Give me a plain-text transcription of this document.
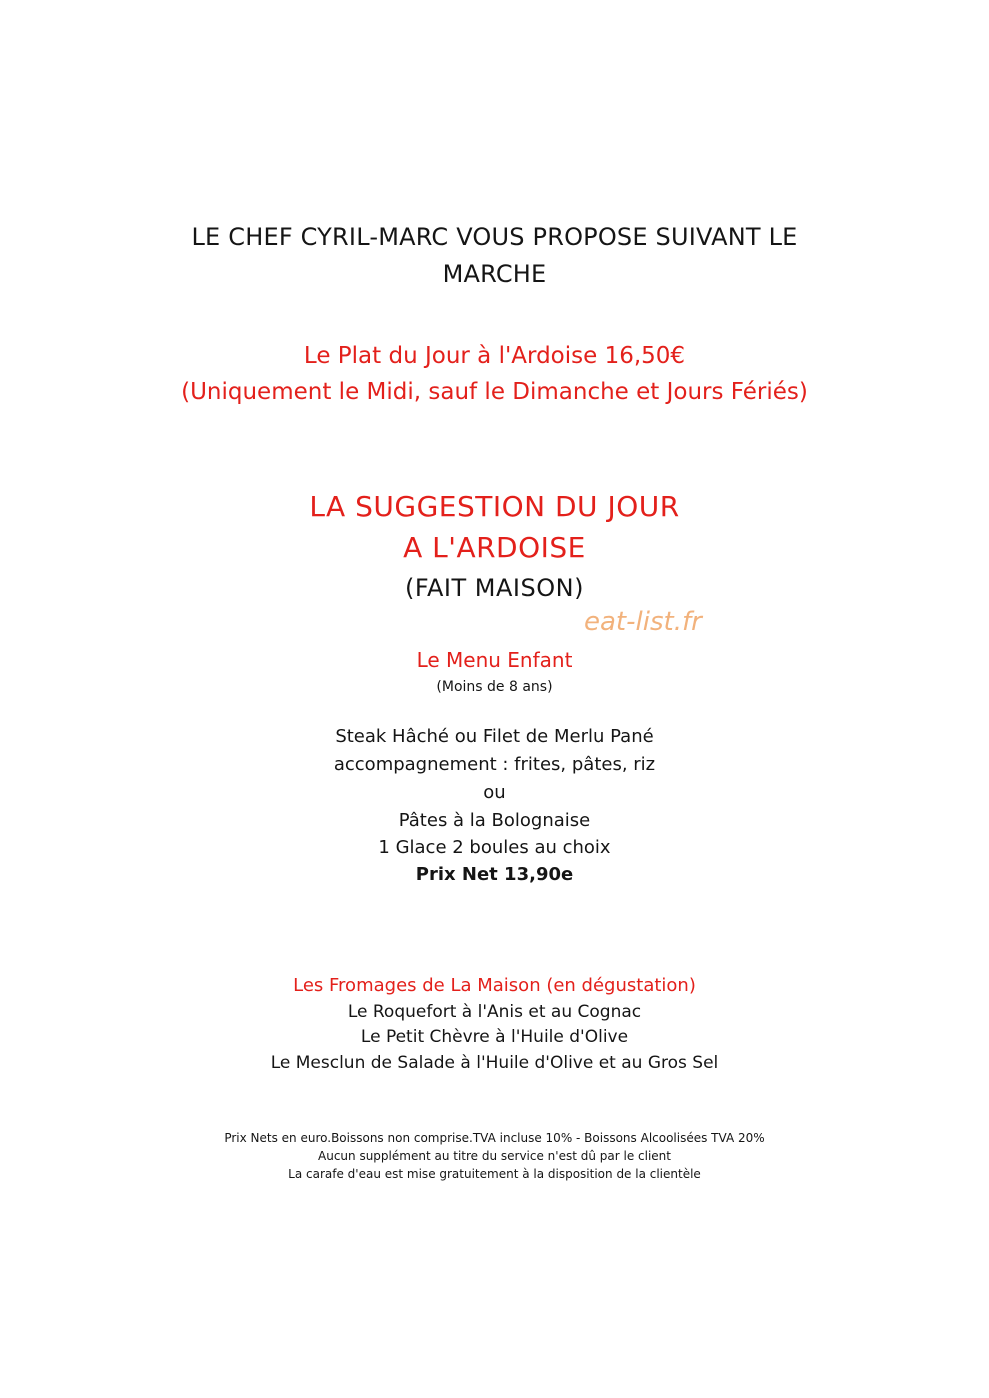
LE CHEF CYRIL-MARC VOUS PROPOSE SUIVANT LE
MARCHE
Le Plat du Jour à l'Ardoise 16,50€
(Uniquement le Midi, sauf le Dimanche et Jours Fériés)
LA SUGGESTION DU JOUR
A L'ARDOISE
(FAIT MAISON)
eat-list.fr
Le Menu Enfant
(Moins de 8 ans)
Steak Hâché ou Filet de Merlu Pané
accompagnement : frites, pâtes, riz
ou
Pâtes à la Bolognaise
1 Glace 2 boules au choix
Prix Net 13,90e
Les Fromages de La Maison (en dégustation)
Le Roquefort à l'Anis et au Cognac
Le Petit Chèvre à l'Huile d'Olive
Le Mesclun de Salade à l'Huile d'Olive et au Gros Sel
Prix Nets en euro.Boissons non comprise.TVA incluse 10% - Boissons Alcoolisées TVA 20%
Aucun supplément au titre du service n'est dû par le client
La carafe d'eau est mise gratuitement à la disposition de la clientèle
